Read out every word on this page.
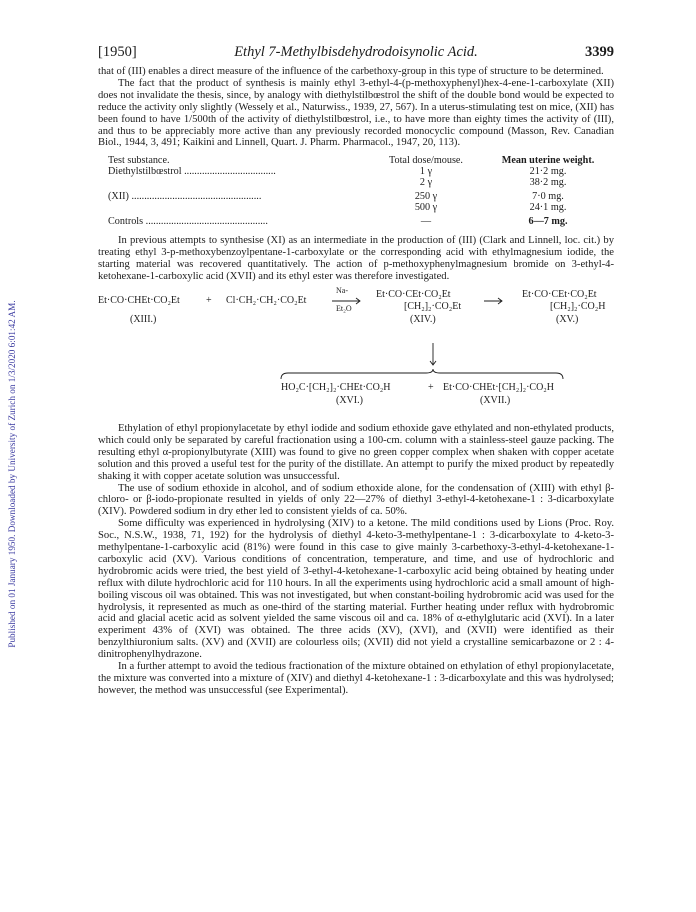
Published on 01 January 1950. Downloaded by University of Zurich on 1/3/2020 6:01:42 AM.
[1950]	Ethyl 7-Methylbisdehydrodoisynolic Acid.	3399

that of (III) enables a direct measure of the influence of the carbethoxy-group in this type of structure to be determined.

The fact that the product of synthesis is mainly ethyl 3-ethyl-4-(p-methoxyphenyl)hex-4-ene-1-carboxylate (XII) does not invalidate the thesis, since, by analogy with diethylstilbœstrol the shift of the double bond would be expected to reduce the activity only slightly (Wessely et al., Naturwiss., 1939, 27, 567). In a uterus-stimulating test on mice, (XII) has been found to have 1/500th of the activity of diethylstilbœstrol, i.e., to have more than eighty times the activity of (III), and thus to be appreciably more active than any previously recorded monocyclic compound (Masson, Rev. Canadian Biol., 1944, 3, 491; Kaikini and Linnell, Quart. J. Pharm. Pharmacol., 1947, 20, 113).

Test substance.	Total dose/mouse.	Mean uterine weight.
Diethylstilbœstrol ....................................	1 γ	21·2 mg.
	2 γ	38·2 mg.
(XII) ...................................................	250 γ	7·0 mg.
	500 γ	24·1 mg.
Controls ................................................	—	6—7 mg.

In previous attempts to synthesise (XI) as an intermediate in the production of (III) (Clark and Linnell, loc. cit.) by treating ethyl 3-p-methoxybenzoylpentane-1-carboxylate or the corresponding acid with ethylmagnesium iodide, the starting material was recovered quantitatively. The action of p-methoxyphenylmagnesium bromide on 3-ethyl-4-ketohexane-1-carboxylic acid (XVII) and its ethyl ester was therefore investigated.

Et·CO·CHEt·CO₂Et	+ Cl·CH₂·CH₂·CO₂Et
Na-
Et₂O
Et·CO·CEt·CO₂Et
[CH₂]₂·CO₂Et
Et·CO·CEt·CO₂Et
[CH₂]₂·CO₂H
(XIII.)	(XIV.)	(XV.)
HO₂C·[CH₂]₂·CHEt·CO₂H	+ Et·CO·CHEt·[CH₂]₂·CO₂H
(XVI.)	(XVII.)

Ethylation of ethyl propionylacetate by ethyl iodide and sodium ethoxide gave ethylated and non-ethylated products, which could only be separated by careful fractionation using a 100-cm. column with a stainless-steel gauze packing. The resulting ethyl α-propionylbutyrate (XIII) was found to give no green copper complex when shaken with copper acetate solution and this proved a useful test for the purity of the distillate. An attempt to purify the mixed product by repeatedly shaking it with copper acetate solution was unsuccessful.

The use of sodium ethoxide in alcohol, and of sodium ethoxide alone, for the condensation of (XIII) with ethyl β-chloro- or β-iodo-propionate resulted in yields of only 22—27% of diethyl 3-ethyl-4-ketohexane-1 : 3-dicarboxylate (XIV). Powdered sodium in dry ether led to consistent yields of ca. 50%.

Some difficulty was experienced in hydrolysing (XIV) to a ketone. The mild conditions used by Lions (Proc. Roy. Soc., N.S.W., 1938, 71, 192) for the hydrolysis of diethyl 4-keto-3-methylpentane-1 : 3-dicarboxylate to 4-keto-3-methylpentane-1-carboxylic acid (81%) were found in this case to give mainly 3-carbethoxy-3-ethyl-4-ketohexane-1-carboxylic acid (XV). Various conditions of concentration, temperature, and time, and use of hydrochloric and hydrobromic acids were tried, the best yield of 3-ethyl-4-ketohexane-1-carboxylic acid being obtained by heating under reflux with dilute hydrochloric acid for 110 hours. In all the experiments using hydrochloric acid a small amount of high-boiling viscous oil was obtained. This was not investigated, but when constant-boiling hydrobromic acid was used for the hydrolysis, it represented as much as one-third of the starting material. Further heating under reflux with hydrobromic acid and glacial acetic acid as solvent yielded the same viscous oil and ca. 18% of α-ethylglutaric acid (XVI). In a later experiment 43% of (XVI) was obtained. The three acids (XV), (XVI), and (XVII) were identified as their benzylthiuronium salts. (XV) and (XVII) are colourless oils; (XVII) did not yield a crystalline semicarbazone or 2 : 4-dinitrophenylhydrazone.

In a further attempt to avoid the tedious fractionation of the mixture obtained on ethylation of ethyl propionylacetate, the mixture was converted into a mixture of (XIV) and diethyl 4-ketohexane-1 : 3-dicarboxylate and this was hydrolysed; however, the method was unsuccessful (see Experimental).
